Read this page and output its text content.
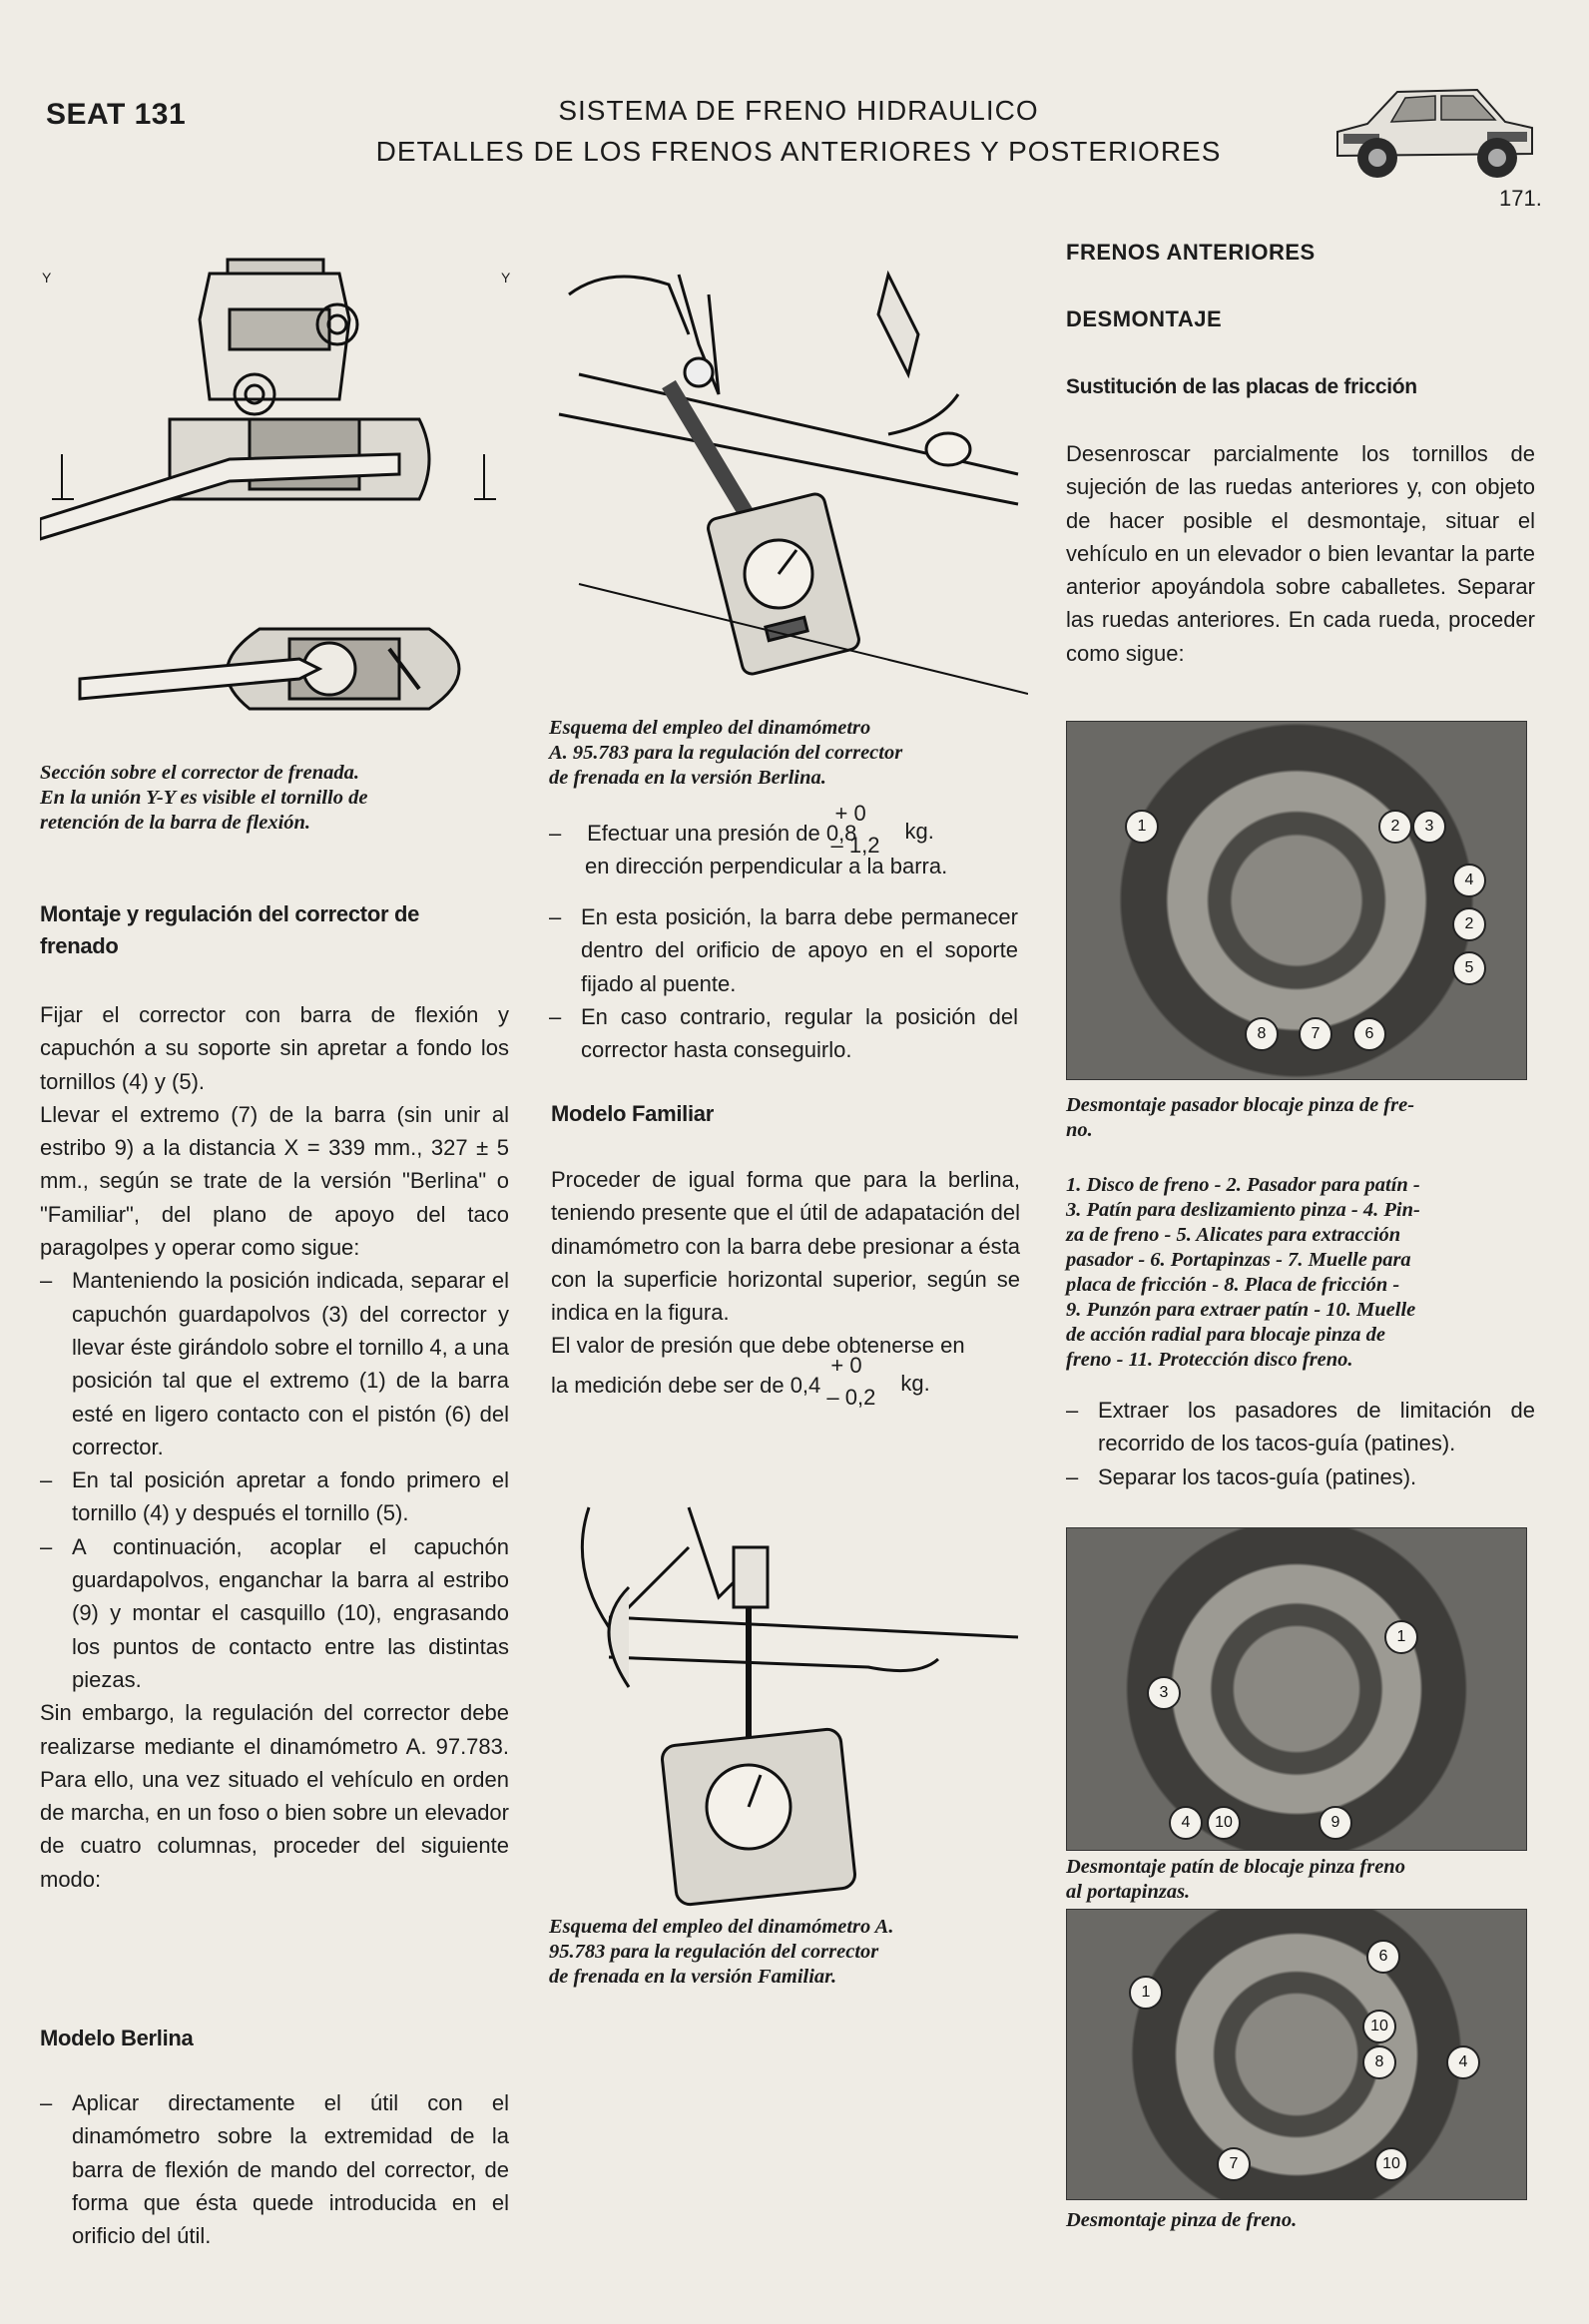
SEAT 131	SISTEMA DE FRENO HIDRAULICO
DETALLES DE LOS FRENOS ANTERIORES Y POSTERIORES
171.
Y	Y
Sección sobre el corrector de frenada.
En la unión Y-Y es visible el tornillo de
retención de la barra de flexión.
Montaje y regulación del corrector de
frenado

Fijar el corrector con barra de flexión y capuchón a su soporte sin apretar a fondo los tornillos (4) y (5).

Llevar el extremo (7) de la barra (sin unir al estribo 9) a la distancia X = 339 mm., 327 ± 5 mm., según se trate de la versión "Berlina" o "Familiar", del plano de apoyo del taco paragolpes y operar como sigue:

– Manteniendo la posición indicada, separar el capuchón guardapolvos (3) del corrector y llevar éste girándolo sobre el tornillo 4, a una posición tal que el extremo (1) de la barra esté en ligero contacto con el pistón (6) del corrector.

– En tal posición apretar a fondo primero el tornillo (4) y después el tornillo (5).

– A continuación, acoplar el capuchón guardapolvos, enganchar la barra al estribo (9) y montar el casquillo (10), engrasando los puntos de contacto entre las distintas piezas.

Sin embargo, la regulación del corrector debe realizarse mediante el dinamómetro A. 97.783. Para ello, una vez situado el vehículo en orden de marcha, en un foso o bien sobre un elevador de cuatro columnas, proceder del siguiente modo:

Modelo Berlina

– Aplicar directamente el útil con el dinamómetro sobre la extremidad de la barra de flexión de mando del corrector, de forma que ésta quede introducida en el orificio del útil.

Esquema del empleo del dinamómetro
A. 95.783 para la regulación del corrector
de frenada en la versión Berlina.

– Efectuar una presión de 0,8
+ 0
– 1,2
kg.

en dirección perpendicular a la barra.

– En esta posición, la barra debe permanecer dentro del orificio de apoyo en el soporte fijado al puente.

– En caso contrario, regular la posición del corrector hasta conseguirlo.

Modelo Familiar

Proceder de igual forma que para la berlina, teniendo presente que el útil de adapatación del dinamómetro con la barra debe presionar a ésta con la superficie horizontal superior, según se indica en la figura.

El valor de presión que debe obtenerse en

la medición debe ser de 0,4
+ 0
– 0,2
kg.

Esquema del empleo del dinamómetro A.
95.783 para la regulación del corrector
de frenada en la versión Familiar.
FRENOS ANTERIORES
DESMONTAJE
Sustitución de las placas de fricción

Desenroscar parcialmente los tornillos de sujeción de las ruedas anteriores y, con objeto de hacer posible el desmontaje, situar el vehículo en un elevador o bien levantar la parte anterior apoyándola sobre caballetes. Separar las ruedas anteriores. En cada rueda, proceder como sigue:

1	2	3
4
2
5
8	7	6
Desmontaje pasador blocaje pinza de fre-
no.
1. Disco de freno - 2. Pasador para patín -
3. Patín para deslizamiento pinza - 4. Pin-
za de freno - 5. Alicates para extracción
pasador - 6. Portapinzas - 7. Muelle para
placa de fricción - 8. Placa de fricción -
9. Punzón para extraer patín - 10. Muelle
de acción radial para blocaje pinza de
freno - 11. Protección disco freno.

– Extraer los pasadores de limitación de recorrido de los tacos-guía (patines).

– Separar los tacos-guía (patines).

1
3
4	10	9
Desmontaje patín de blocaje pinza freno
al portapinzas.
6
1
10
8	4
7	10
Desmontaje pinza de freno.
